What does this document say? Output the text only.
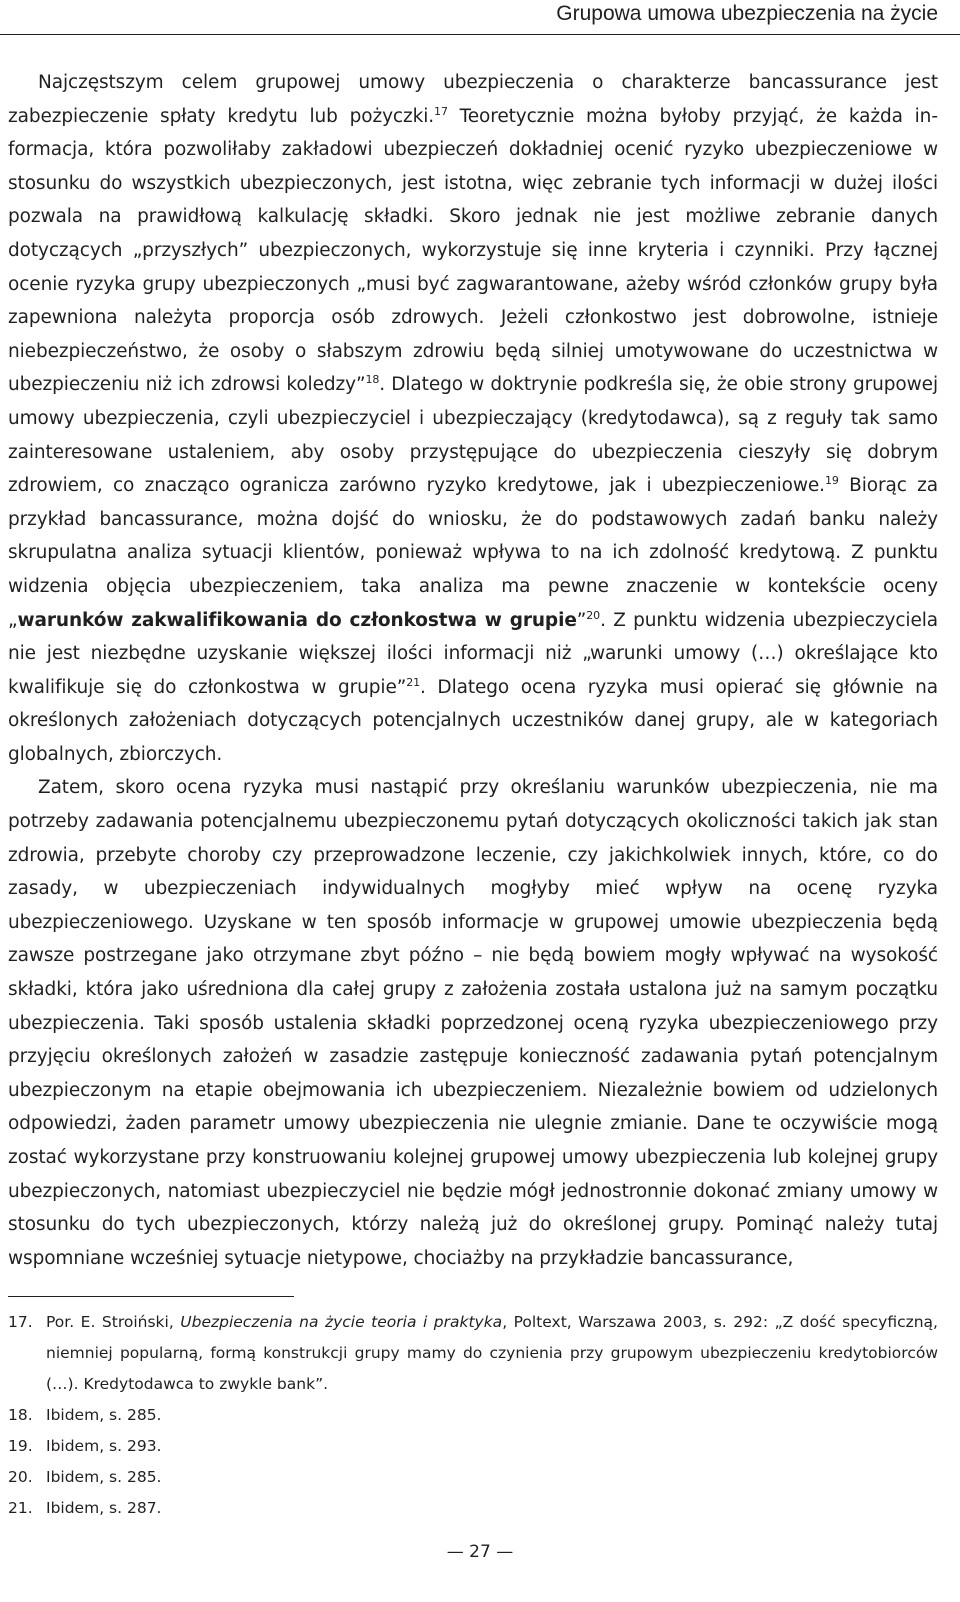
Grupowa umowa ubezpieczenia na życie

Najczęstszym celem grupowej umowy ubezpieczenia o charakterze bancassurance jest zabezpieczenie spłaty kredytu lub pożyczki.$^{17}$ Teoretycznie można byłoby przyjąć, że każda informacja, która pozwoliłaby zakładowi ubezpieczeń dokładniej ocenić ryzyko ubezpieczeniowe w stosunku do wszystkich ubezpieczonych, jest istotna, więc zebranie tych informacji w dużej ilości pozwala na prawidłową kalkulację składki. Skoro jednak nie jest możliwe zebranie danych dotyczących „przyszłych” ubezpieczonych, wykorzystuje się inne kryteria i czynniki. Przy łącznej ocenie ryzyka grupy ubezpieczonych „musi być zagwarantowane, ażeby wśród członków grupy była zapewniona należyta proporcja osób zdrowych. Jeżeli członkostwo jest dobrowolne, istnieje niebezpieczeństwo, że osoby o słabszym zdrowiu będą silniej umotywowane do uczestnictwa w ubezpieczeniu niż ich zdrowsi koledzy”$^{18}$. Dlatego w doktrynie podkreśla się, że obie strony grupowej umowy ubezpieczenia, czyli ubezpieczyciel i ubezpieczający (kredytodawca), są z reguły tak samo zainteresowane ustaleniem, aby osoby przystępujące do ubezpieczenia cieszyły się dobrym zdrowiem, co znacząco ogranicza zarówno ryzyko kredytowe, jak i ubezpieczeniowe.$^{19}$ Biorąc za przykład bancassurance, można dojść do wniosku, że do podstawowych zadań banku należy skrupulatna analiza sytuacji klientów, ponieważ wpływa to na ich zdolność kredytową. Z punktu widzenia objęcia ubezpieczeniem, taka analiza ma pewne znaczenie w kontekście oceny „warunków zakwalifikowania do członkostwa w grupie”$^{20}$. Z punktu widzenia ubezpieczyciela nie jest niezbędne uzyskanie większej ilości informacji niż „warunki umowy (…) określające kto kwalifikuje się do członkostwa w grupie”$^{21}$. Dlatego ocena ryzyka musi opierać się głównie na określonych założeniach dotyczących potencjalnych uczestników danej grupy, ale w kategoriach globalnych, zbiorczych.

Zatem, skoro ocena ryzyka musi nastąpić przy określaniu warunków ubezpieczenia, nie ma potrzeby zadawania potencjalnemu ubezpieczonemu pytań dotyczących okoliczności takich jak stan zdrowia, przebyte choroby czy przeprowadzone leczenie, czy jakichkolwiek innych, które, co do zasady, w ubezpieczeniach indywidualnych mogłyby mieć wpływ na ocenę ryzyka ubezpieczeniowego. Uzyskane w ten sposób informacje w grupowej umowie ubezpieczenia będą zawsze postrzegane jako otrzymane zbyt późno – nie będą bowiem mogły wpływać na wysokość składki, która jako uśredniona dla całej grupy z założenia została ustalona już na samym początku ubezpieczenia. Taki sposób ustalenia składki poprzedzonej oceną ryzyka ubezpieczeniowego przy przyjęciu określonych założeń w zasadzie zastępuje konieczność zadawania pytań potencjalnym ubezpieczonym na etapie obejmowania ich ubezpieczeniem. Niezależnie bowiem od udzielonych odpowiedzi, żaden parametr umowy ubezpieczenia nie ulegnie zmianie. Dane te oczywiście mogą zostać wykorzystane przy konstruowaniu kolejnej grupowej umowy ubezpieczenia lub kolejnej grupy ubezpieczonych, natomiast ubezpieczyciel nie będzie mógł jednostronnie dokonać zmiany umowy w stosunku do tych ubezpieczonych, którzy należą już do określonej grupy. Pominąć należy tutaj wspomniane wcześniej sytuacje nietypowe, chociażby na przykładzie bancassurance,

17. Por. E. Stroiński, Ubezpieczenia na życie teoria i praktyka, Poltext, Warszawa 2003, s. 292: „Z dość specyficzną, niemniej popularną, formą konstrukcji grupy mamy do czynienia przy grupowym ubezpieczeniu kredytobiorców (…). Kredytodawca to zwykle bank”.
18. Ibidem, s. 285.
19. Ibidem, s. 293.
20. Ibidem, s. 285.
21. Ibidem, s. 287.
— 27 —
